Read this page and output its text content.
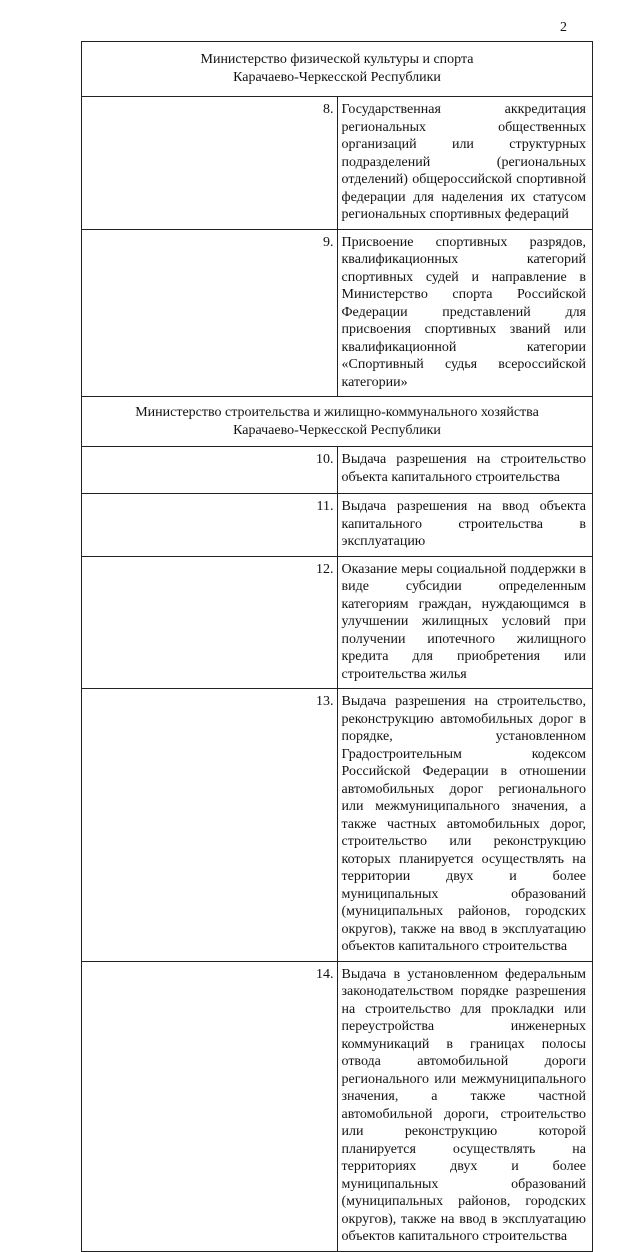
2
Министерство физической культуры и спорта
Карачаево-Черкесской Республики	

8.	Государственная аккредитация региональных общественных организаций или структурных подразделений (региональных отделений) общероссийской спортивной федерации для наделения их статусом региональных спортивных федераций
9.	Присвоение спортивных разрядов, квалификационных категорий спортивных судей и направление в Министерство спорта Российской Федерации представлений для присвоения спортивных званий или квалификационной категории «Спортивный судья всероссийской категории»

Министерство строительства и жилищно-коммунального хозяйства
Карачаево-Черкесской Республики	

10.	Выдача разрешения на строительство объекта капитального строительства
11.	Выдача разрешения на ввод объекта капитального строительства в эксплуатацию
12.	Оказание меры социальной поддержки в виде субсидии определенным категориям граждан, нуждающимся в улучшении жилищных условий при получении ипотечного жилищного кредита для приобретения или строительства жилья
13.	Выдача разрешения на строительство, реконструкцию автомобильных дорог в порядке, установленном Градостроительным кодексом Российской Федерации в отношении автомобильных дорог регионального или межмуниципального значения, а также частных автомобильных дорог, строительство или реконструкцию которых планируется осуществлять на территории двух и более муниципальных образований (муниципальных районов, городских округов), также на ввод в эксплуатацию объектов капитального строительства
14.	Выдача в установленном федеральным законодательством порядке разрешения на строительство для прокладки или переустройства инженерных коммуникаций в границах полосы отвода автомобильной дороги регионального или межмуниципального значения, а также частной автомобильной дороги, строительство или реконструкцию которой планируется осуществлять на территориях двух и более муниципальных образований (муниципальных районов, городских округов), также на ввод в эксплуатацию объектов капитального строительства
